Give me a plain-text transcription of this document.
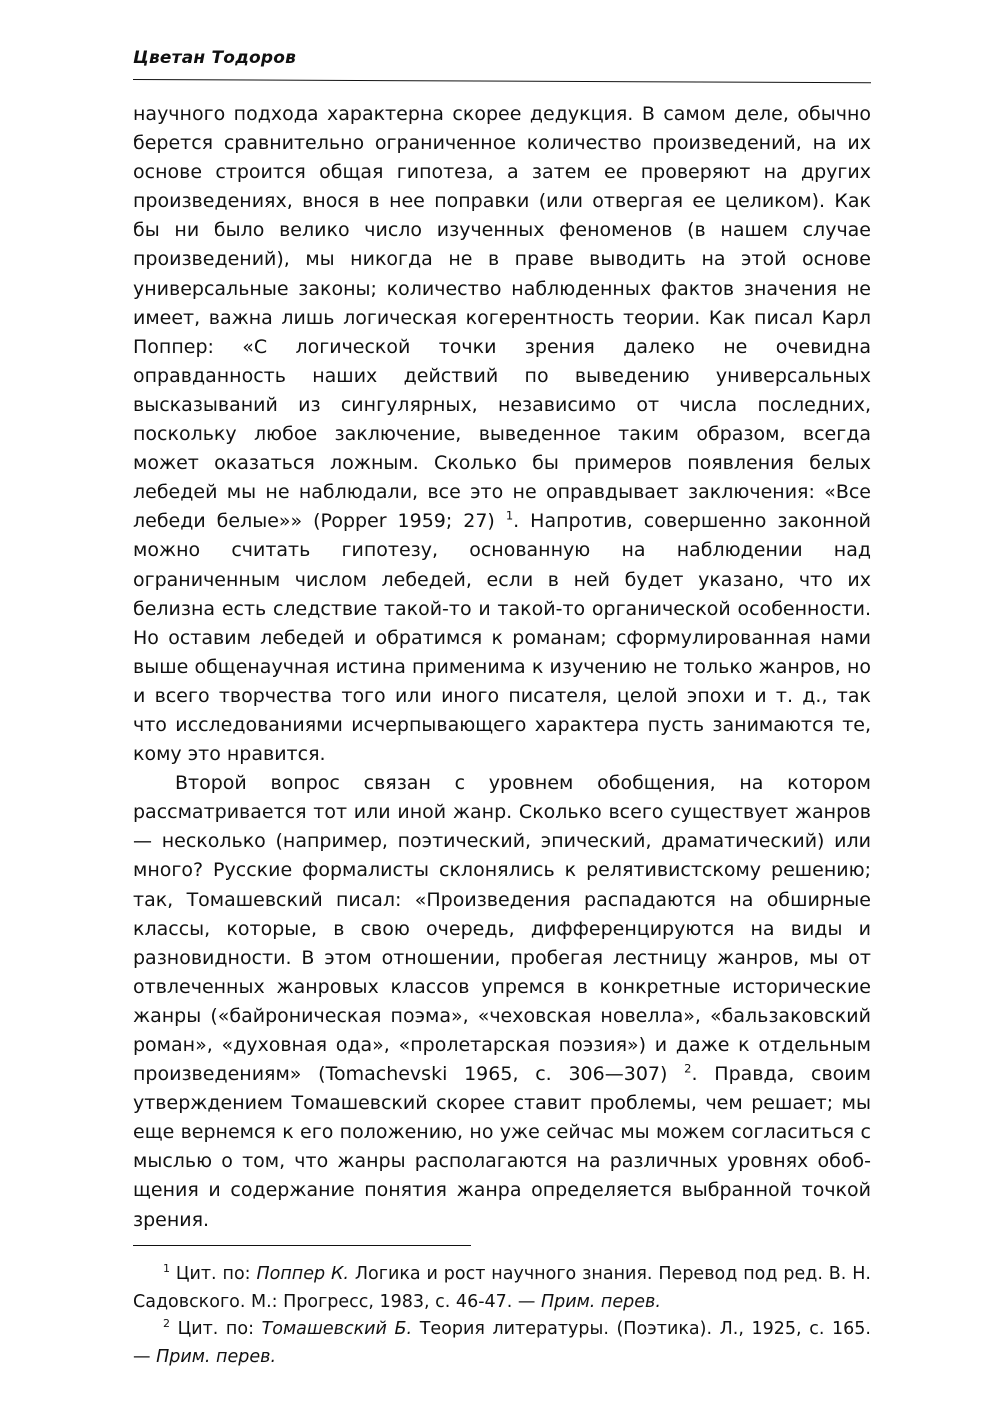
Цветан Тодоров

научного подхода характерна скорее дедукция. В самом деле, обычно берется сравнительно ограниченное количество произведений, на их основе строится общая гипотеза, а затем ее проверяют на других произведениях, внося в нее поправки (или отвергая ее целиком). Как бы ни было велико число изученных феноменов (в нашем случае произведений), мы никогда не в праве выводить на этой основе универсальные законы; количество наблюденных фактов значения не имеет, важна лишь логическая когерентность теории. Как писал Карл Поппер: «С логической точки зрения далеко не очевидна оправданность наших действий по выведению универсальных высказываний из сингулярных, независимо от числа последних, поскольку любое заключение, выведенное таким образом, всегда может оказаться ложным. Сколько бы примеров появления белых лебедей мы не наблюдали, все это не оправдывает заключения: «Все лебеди белые»» (Popper 1959; 27) $^1$. Напротив, совершенно законной можно считать гипотезу, основанную на наблюдении над ограниченным числом лебедей, если в ней будет указано, что их белизна есть следствие такой-то и такой-то органической особенности. Но оставим лебедей и обратимся к романам; сформулированная нами выше общенаучная истина применима к изучению не только жанров, но и всего творчества того или иного писателя, целой эпохи и т. д., так что исследованиями исчерпывающего характера пусть занимаются те, кому это нравится.

Второй вопрос связан с уровнем обобщения, на котором рассматривается тот или иной жанр. Сколько всего существует жанров — несколько (например, поэтический, эпический, драматический) или много? Русские формалисты склонялись к релятивистскому решению; так, Томашевский писал: «Произведения распадаются на обширные классы, которые, в свою очередь, дифференцируются на виды и разновидности. В этом отношении, пробегая лестницу жанров, мы от отвлеченных жанровых классов упремся в конкретные исторические жанры («байроническая поэма», «чеховская новелла», «бальзаковский роман», «духовная ода», «пролетарская поэзия») и даже к отдельным произведениям» (Tomachevski 1965, с. 306—307) $^2$. Правда, своим утверждением Томашевский скорее ставит проблемы, чем решает; мы еще вернемся к его положению, но уже сейчас мы можем согласиться с мыслью о том, что жанры располагаются на различных уровнях обобщения и содержание понятия жанра определяется выбранной точкой зрения.

$^1$ Цит. по: Поппер К. Логика и рост научного знания. Перевод под ред. В. Н. Садовского. М.: Прогресс, 1983, с. 46-47. — Прим. перев.

$^2$ Цит. по: Томашевский Б. Теория литературы. (Поэтика). Л., 1925, с. 165. — Прим. перев.
